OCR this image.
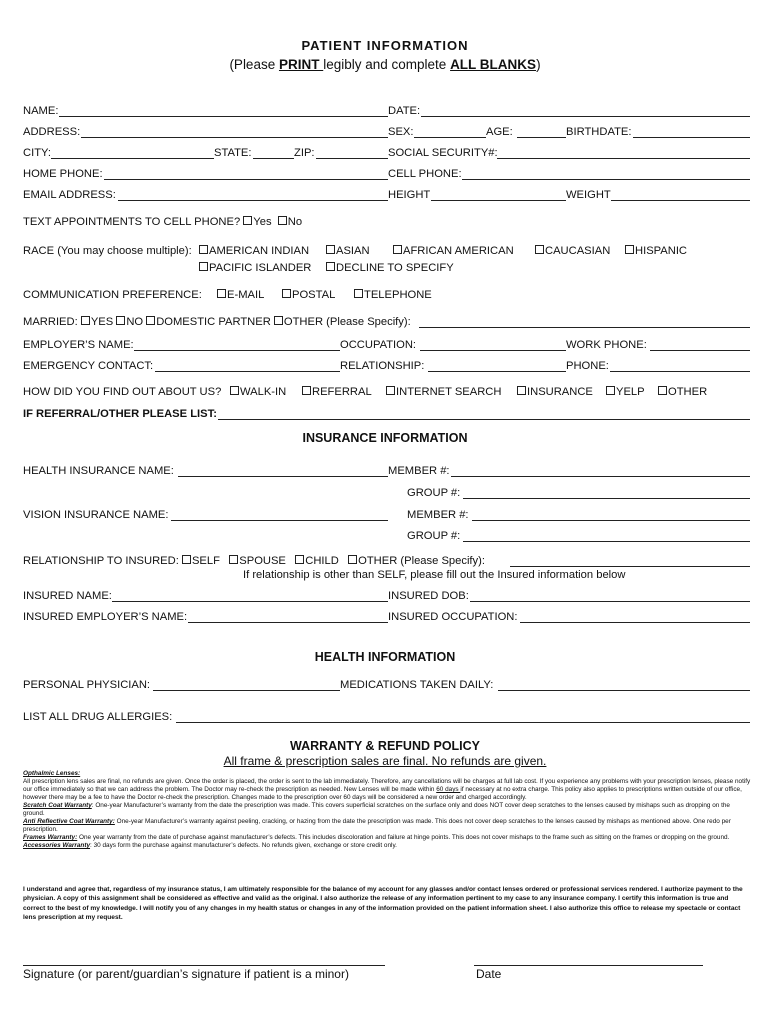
PATIENT INFORMATION
(Please PRINT legibly and complete ALL BLANKS)
NAME:	DATE:
ADDRESS:	SEX:	AGE:	BIRTHDATE:
CITY:	STATE:	ZIP:	SOCIAL SECURITY#:
HOME PHONE:	CELL PHONE:
EMAIL ADDRESS:	HEIGHT	WEIGHT
TEXT APPOINTMENTS TO CELL PHONE? Yes No
RACE (You may choose multiple):	AMERICAN INDIAN	ASIAN	AFRICAN AMERICAN	CAUCASIAN	HISPANIC
PACIFIC ISLANDER	DECLINE TO SPECIFY
COMMUNICATION PREFERENCE:	E-MAIL	POSTAL	TELEPHONE
MARRIED: YES NO DOMESTIC PARTNER OTHER (Please Specify):
EMPLOYER’S NAME:	OCCUPATION:	WORK PHONE:
EMERGENCY CONTACT:	RELATIONSHIP:	PHONE:
HOW DID YOU FIND OUT ABOUT US?	WALK-IN	REFERRAL	INTERNET SEARCH	INSURANCE	YELP	OTHER
IF REFERRAL/OTHER PLEASE LIST:
INSURANCE INFORMATION
HEALTH INSURANCE NAME:	MEMBER #:
GROUP #:
VISION INSURANCE NAME:	MEMBER #:
GROUP #:
RELATIONSHIP TO INSURED: SELF SPOUSE CHILD OTHER (Please Specify):
If relationship is other than SELF, please fill out the Insured information below
INSURED NAME:	INSURED DOB:
INSURED EMPLOYER’S NAME:	INSURED OCCUPATION:
HEALTH INFORMATION
PERSONAL PHYSICIAN:	MEDICATIONS TAKEN DAILY:
LIST ALL DRUG ALLERGIES:
WARRANTY & REFUND POLICY
All frame & prescription sales are final. No refunds are given.
Opthalmic Lenses:
All prescription lens sales are final, no refunds are given. Once the order is placed, the order is sent to the lab immediately. Therefore, any cancellations will be charges at full lab cost. If you experience any problems with your prescription lenses, please notify our office immediately so that we can address the problem. The Doctor may re-check the prescription as needed. New Lenses will be made within 60 days if necessary at no extra charge. This policy also applies to prescriptions written outside of our office, however there may be a fee to have the Doctor re-check the prescription. Changes made to the prescription over 60 days will be considered a new order and charged accordingly.
Scratch Coat Warranty: One-year Manufacturer’s warranty from the date the prescription was made. This covers superficial scratches on the surface only and does NOT cover deep scratches to the lenses caused by mishaps such as dropping on the ground.
Anti Reflective Coat Warranty: One-year Manufacturer’s warranty against peeling, cracking, or hazing from the date the prescription was made. This does not cover deep scratches to the lenses caused by mishaps as mentioned above. One redo per prescription.
Frames Warranty: One year warranty from the date of purchase against manufacturer’s defects. This includes discoloration and failure at hinge points. This does not cover mishaps to the frame such as sitting on the frames or dropping on the ground.
Accessories Warranty: 30 days form the purchase against manufacturer’s defects. No refunds given, exchange or store credit only.
I understand and agree that, regardless of my insurance status, I am ultimately responsible for the balance of my account for any glasses and/or contact lenses ordered or professional services rendered. I authorize payment to the physician. A copy of this assignment shall be considered as effective and valid as the original. I also authorize the release of any information pertinent to my case to any insurance company. I certify this information is true and correct to the best of my knowledge. I will notify you of any changes in my health status or changes in any of the information provided on the patient information sheet. I also authorize this office to release my spectacle or contact lens prescription at my request.
Signature (or parent/guardian’s signature if patient is a minor)	Date
